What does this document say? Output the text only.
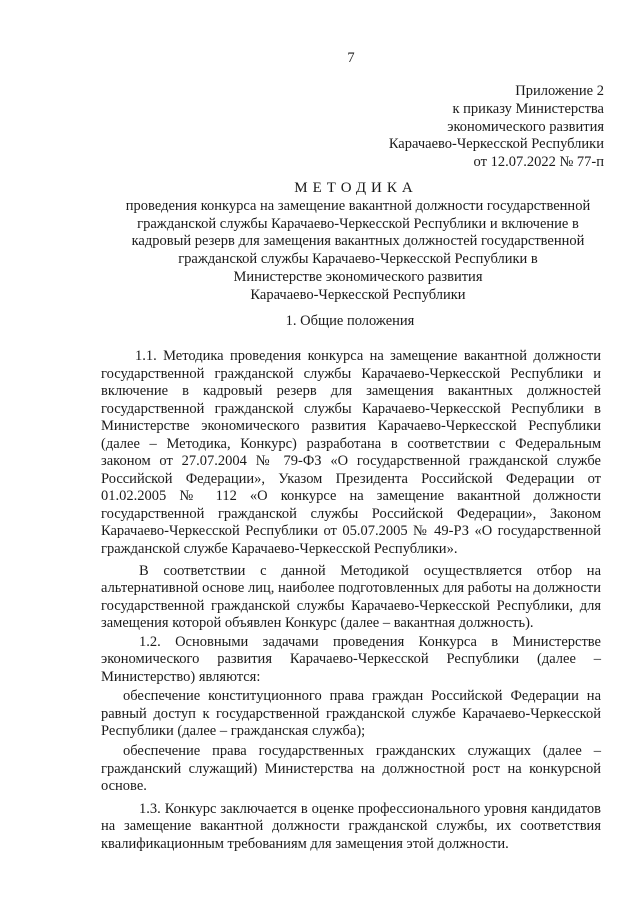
7
Приложение 2
к приказу Министерства
экономического развития
Карачаево-Черкесской Республики
от 12.07.2022 № 77-п
МЕТОДИКА
проведения конкурса на замещение вакантной должности государственной
гражданской службы Карачаево-Черкесской Республики и включение в
кадровый резерв для замещения вакантных должностей государственной
гражданской службы Карачаево-Черкесской Республики в
Министерстве экономического развития
Карачаево-Черкесской Республики
1. Общие положения

1.1. Методика проведения конкурса на замещение вакантной должности государственной гражданской службы Карачаево-Черкесской Республики и включение в кадровый резерв для замещения вакантных должностей государственной гражданской службы Карачаево-Черкесской Республики в Министерстве экономического развития Карачаево-Черкесской Республики (далее – Методика, Конкурс) разработана в соответствии с Федеральным законом от 27.07.2004 № 79-ФЗ «О государственной гражданской службе Российской Федерации», Указом Президента Российской Федерации от 01.02.2005 № 112 «О конкурсе на замещение вакантной должности государственной гражданской службы Российской Федерации», Законом Карачаево-Черкесской Республики от 05.07.2005 № 49-РЗ «О государственной гражданской службе Карачаево-Черкесской Республики».

В соответствии с данной Методикой осуществляется отбор на альтернативной основе лиц, наиболее подготовленных для работы на должности государственной гражданской службы Карачаево-Черкесской Республики, для замещения которой объявлен Конкурс (далее – вакантная должность).

1.2. Основными задачами проведения Конкурса в Министерстве экономического развития Карачаево-Черкесской Республики (далее – Министерство) являются:

обеспечение конституционного права граждан Российской Федерации на равный доступ к государственной гражданской службе Карачаево-Черкесской Республики (далее – гражданская служба);

обеспечение права государственных гражданских служащих (далее – гражданский служащий) Министерства на должностной рост на конкурсной основе.

1.3. Конкурс заключается в оценке профессионального уровня кандидатов на замещение вакантной должности гражданской службы, их соответствия квалификационным требованиям для замещения этой должности.
